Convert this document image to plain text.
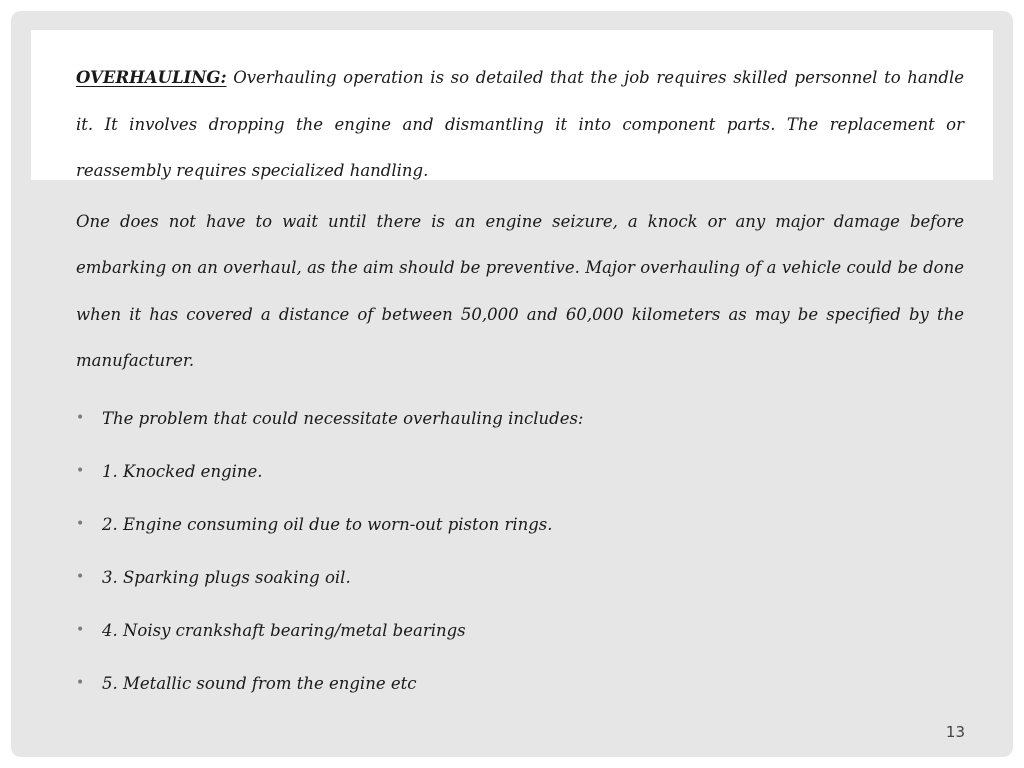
OVERHAULING: Overhauling operation is so detailed that the job requires skilled personnel to handle it. It involves dropping the engine and dismantling it into component parts. The replacement or reassembly requires specialized handling.

One does not have to wait until there is an engine seizure, a knock or any major damage before embarking on an overhaul, as the aim should be preventive. Major overhauling of a vehicle could be done when it has covered a distance of between 50,000 and 60,000 kilometers as may be specified by the manufacturer.

• The problem that could necessitate overhauling includes:
• 1. Knocked engine.
• 2. Engine consuming oil due to worn-out piston rings.
• 3. Sparking plugs soaking oil.
• 4. Noisy crankshaft bearing/metal bearings
• 5. Metallic sound from the engine etc
13
